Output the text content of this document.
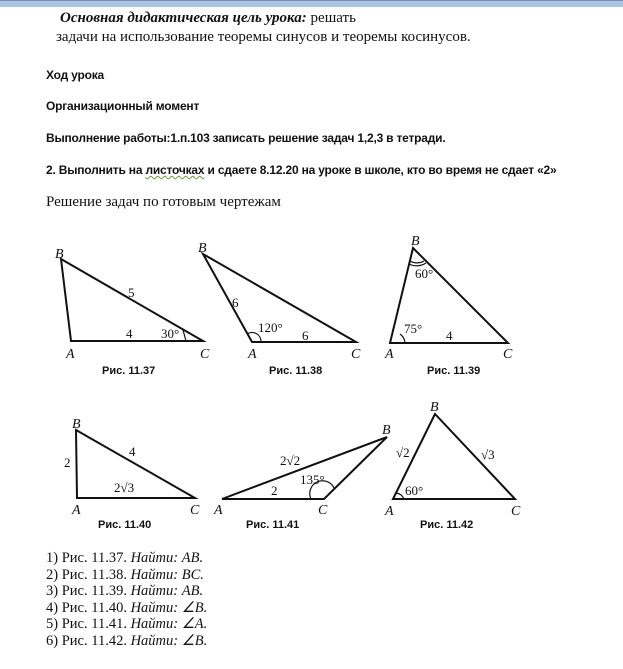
Основная дидактическая цель урока: решать
задачи на использование теоремы синусов и теоремы косинусов.
Ход урока
Организационный момент
Выполнение работы:1.п.103 записать решение задач 1,2,3 в тетради.
2. Выполнить на листочках и сдаете 8.12.20 на уроке в школе, кто во время не сдает «2»
Решение задач по готовым чертежам
B
A	C
5
4 30°
Рис. 11.37
B
A	C
6
6
120°
Рис. 11.38
B
A	C
60°
75° 4
Рис. 11.39
B
A	C
2
4
2√3
Рис. 11.40
B
A	C
2√2
2
135°
Рис. 11.41
B
A	C
√2	√3
60°
Рис. 11.42
1) Рис. 11.37. Найти: AB.
2) Рис. 11.38. Найти: BC.
3) Рис. 11.39. Найти: AB.
4) Рис. 11.40. Найти: ∠B.
5) Рис. 11.41. Найти: ∠A.
6) Рис. 11.42. Найти: ∠B.
